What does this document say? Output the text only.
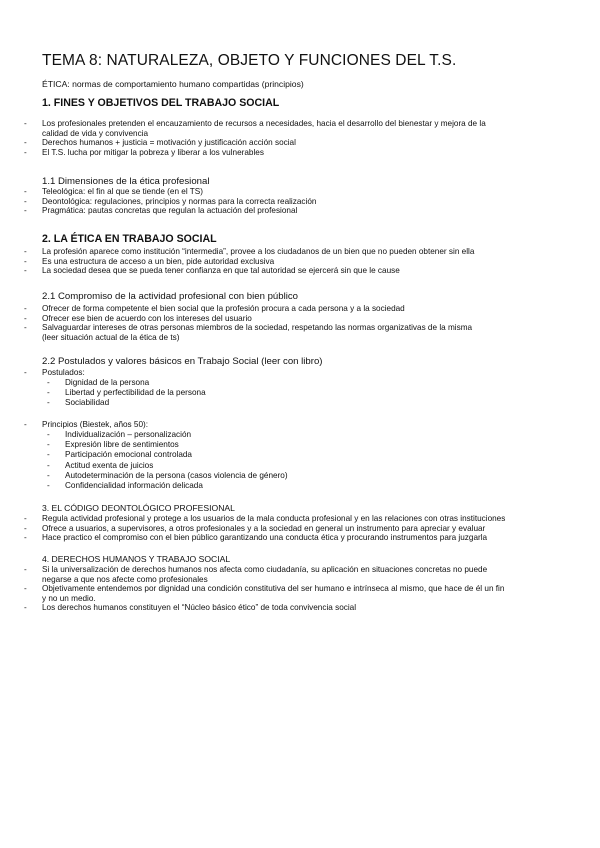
TEMA 8: NATURALEZA, OBJETO Y FUNCIONES DEL T.S.
ÉTICA: normas de comportamiento humano compartidas (principios)
1. FINES Y OBJETIVOS DEL TRABAJO SOCIAL
- Los profesionales pretenden el encauzamiento de recursos a necesidades, hacia el desarrollo del bienestar y mejora de la
calidad de vida y convivencia
- Derechos humanos + justicia = motivación y justificación acción social
- El T.S. lucha por mitigar la pobreza y liberar a los vulnerables
1.1 Dimensiones de la ética profesional
- Teleológica: el fin al que se tiende (en el TS)
- Deontológica: regulaciones, principios y normas para la correcta realización
- Pragmática: pautas concretas que regulan la actuación del profesional
2. LA ÉTICA EN TRABAJO SOCIAL
- La profesión aparece como institución “intermedia”, provee a los ciudadanos de un bien que no pueden obtener sin ella
- Es una estructura de acceso a un bien, pide autoridad exclusiva
- La sociedad desea que se pueda tener confianza en que tal autoridad se ejercerá sin que le cause
2.1 Compromiso de la actividad profesional con bien público
- Ofrecer de forma competente el bien social que la profesión procura a cada persona y a la sociedad
- Ofrecer ese bien de acuerdo con los intereses del usuario
- Salvaguardar intereses de otras personas miembros de la sociedad, respetando las normas organizativas de la misma
(leer situación actual de la ética de ts)
2.2 Postulados y valores básicos en Trabajo Social (leer con libro)
- Postulados:
- Dignidad de la persona
- Libertad y perfectibilidad de la persona
- Sociabilidad
- Principios (Biestek, años 50):
- Individualización – personalización
- Expresión libre de sentimientos
- Participación emocional controlada
- Actitud exenta de juicios
- Autodeterminación de la persona (casos violencia de género)
- Confidencialidad información delicada
3. EL CÓDIGO DEONTOLÓGICO PROFESIONAL
- Regula actividad profesional y protege a los usuarios de la mala conducta profesional y en las relaciones con otras instituciones
- Ofrece a usuarios, a supervisores, a otros profesionales y a la sociedad en general un instrumento para apreciar y evaluar
- Hace practico el compromiso con el bien público garantizando una conducta ética y procurando instrumentos para juzgarla
4. DERECHOS HUMANOS Y TRABAJO SOCIAL
- Si la universalización de derechos humanos nos afecta como ciudadanía, su aplicación en situaciones concretas no puede
negarse a que nos afecte como profesionales
- Objetivamente entendemos por dignidad una condición constitutiva del ser humano e intrínseca al mismo, que hace de él un fin
y no un medio.
- Los derechos humanos constituyen el “Núcleo básico ético” de toda convivencia social
